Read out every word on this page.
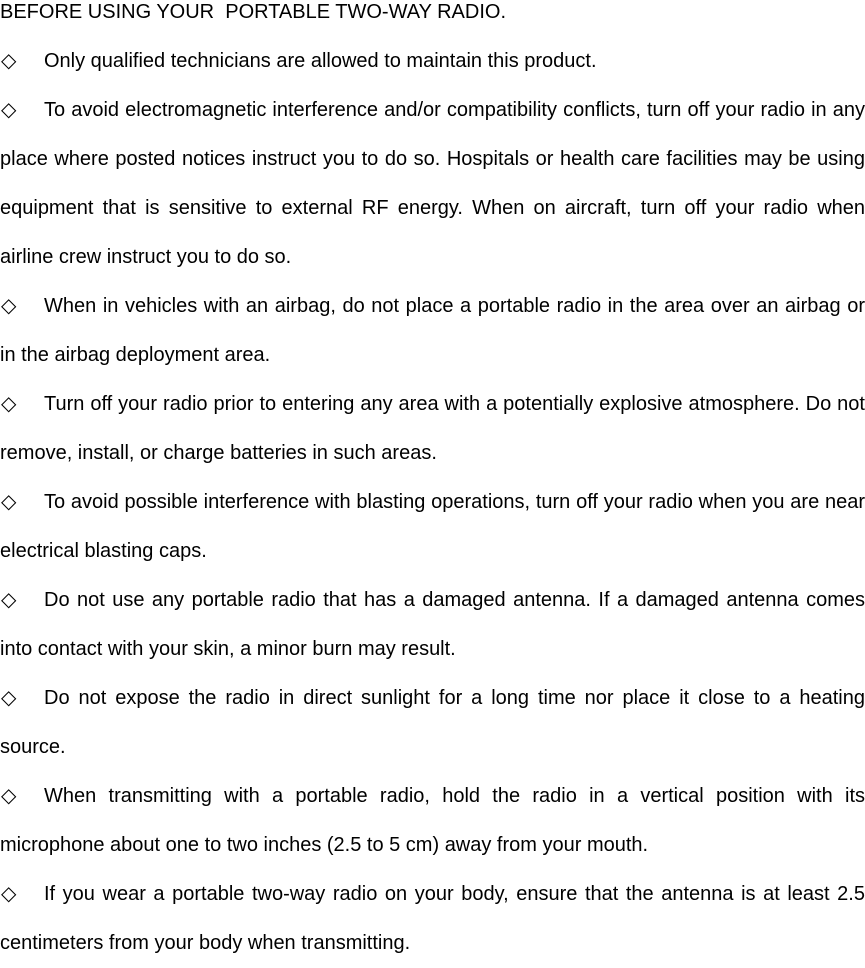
BEFORE USING YOUR  PORTABLE TWO-WAY RADIO.

◇ Only qualified technicians are allowed to maintain this product.

◇ To avoid electromagnetic interference and/or compatibility conflicts, turn off your radio in any place where posted notices instruct you to do so. Hospitals or health care facilities may be using equipment that is sensitive to external RF energy. When on aircraft, turn off your radio when airline crew instruct you to do so.

◇ When in vehicles with an airbag, do not place a portable radio in the area over an airbag or in the airbag deployment area.

◇ Turn off your radio prior to entering any area with a potentially explosive atmosphere. Do not remove, install, or charge batteries in such areas.

◇ To avoid possible interference with blasting operations, turn off your radio when you are near electrical blasting caps.

◇ Do not use any portable radio that has a damaged antenna. If a damaged antenna comes into contact with your skin, a minor burn may result.

◇ Do not expose the radio in direct sunlight for a long time nor place it close to a heating source.

◇ When transmitting with a portable radio, hold the radio in a vertical position with its microphone about one to two inches (2.5 to 5 cm) away from your mouth.

◇ If you wear a portable two-way radio on your body, ensure that the antenna is at least 2.5 centimeters from your body when transmitting.
